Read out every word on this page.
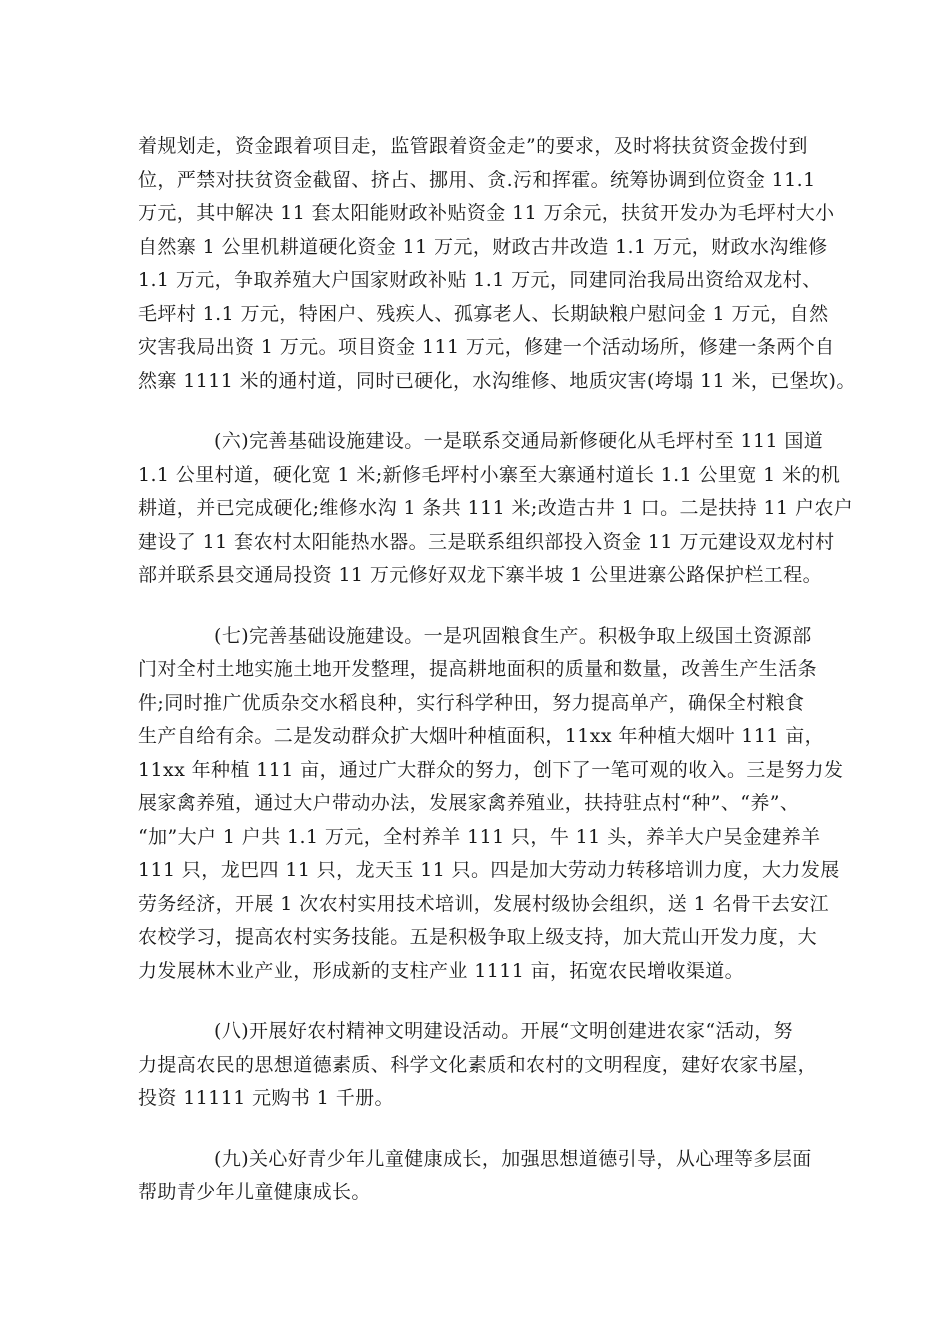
着规划走，资金跟着项目走，监管跟着资金走”的要求，及时将扶贫资金拨付到
位，严禁对扶贫资金截留、挤占、挪用、贪.污和挥霍。统筹协调到位资金 11.1
万元，其中解决 11 套太阳能财政补贴资金 11 万余元，扶贫开发办为毛坪村大小
自然寨 1 公里机耕道硬化资金 11 万元，财政古井改造 1.1 万元，财政水沟维修
1.1 万元，争取养殖大户国家财政补贴 1.1 万元，同建同治我局出资给双龙村、
毛坪村 1.1 万元，特困户、残疾人、孤寡老人、长期缺粮户慰问金 1 万元，自然
灾害我局出资 1 万元。项目资金 111 万元，修建一个活动场所，修建一条两个自
然寨 1111 米的通村道，同时已硬化，水沟维修、地质灾害(垮塌 11 米，已堡坎)。

(六)完善基础设施建设。一是联系交通局新修硬化从毛坪村至 111 国道
1.1 公里村道，硬化宽 1 米;新修毛坪村小寨至大寨通村道长 1.1 公里宽 1 米的机
耕道，并已完成硬化;维修水沟 1 条共 111 米;改造古井 1 口。二是扶持 11 户农户
建设了 11 套农村太阳能热水器。三是联系组织部投入资金 11 万元建设双龙村村
部并联系县交通局投资 11 万元修好双龙下寨半坡 1 公里进寨公路保护栏工程。

(七)完善基础设施建设。一是巩固粮食生产。积极争取上级国土资源部
门对全村土地实施土地开发整理，提高耕地面积的质量和数量，改善生产生活条
件;同时推广优质杂交水稻良种，实行科学种田，努力提高单产，确保全村粮食
生产自给有余。二是发动群众扩大烟叶种植面积，11xx 年种植大烟叶 111 亩，
11xx 年种植 111 亩，通过广大群众的努力，创下了一笔可观的收入。三是努力发
展家禽养殖，通过大户带动办法，发展家禽养殖业，扶持驻点村“种”、“养”、
“加”大户 1 户共 1.1 万元，全村养羊 111 只，牛 11 头，养羊大户吴金建养羊
111 只，龙巴四 11 只，龙天玉 11 只。四是加大劳动力转移培训力度，大力发展
劳务经济，开展 1 次农村实用技术培训，发展村级协会组织，送 1 名骨干去安江
农校学习，提高农村实务技能。五是积极争取上级支持，加大荒山开发力度，大
力发展林木业产业，形成新的支柱产业 1111 亩，拓宽农民增收渠道。

(八)开展好农村精神文明建设活动。开展“文明创建进农家“活动，努
力提高农民的思想道德素质、科学文化素质和农村的文明程度，建好农家书屋，
投资 11111 元购书 1 千册。

(九)关心好青少年儿童健康成长，加强思想道德引导，从心理等多层面
帮助青少年儿童健康成长。
